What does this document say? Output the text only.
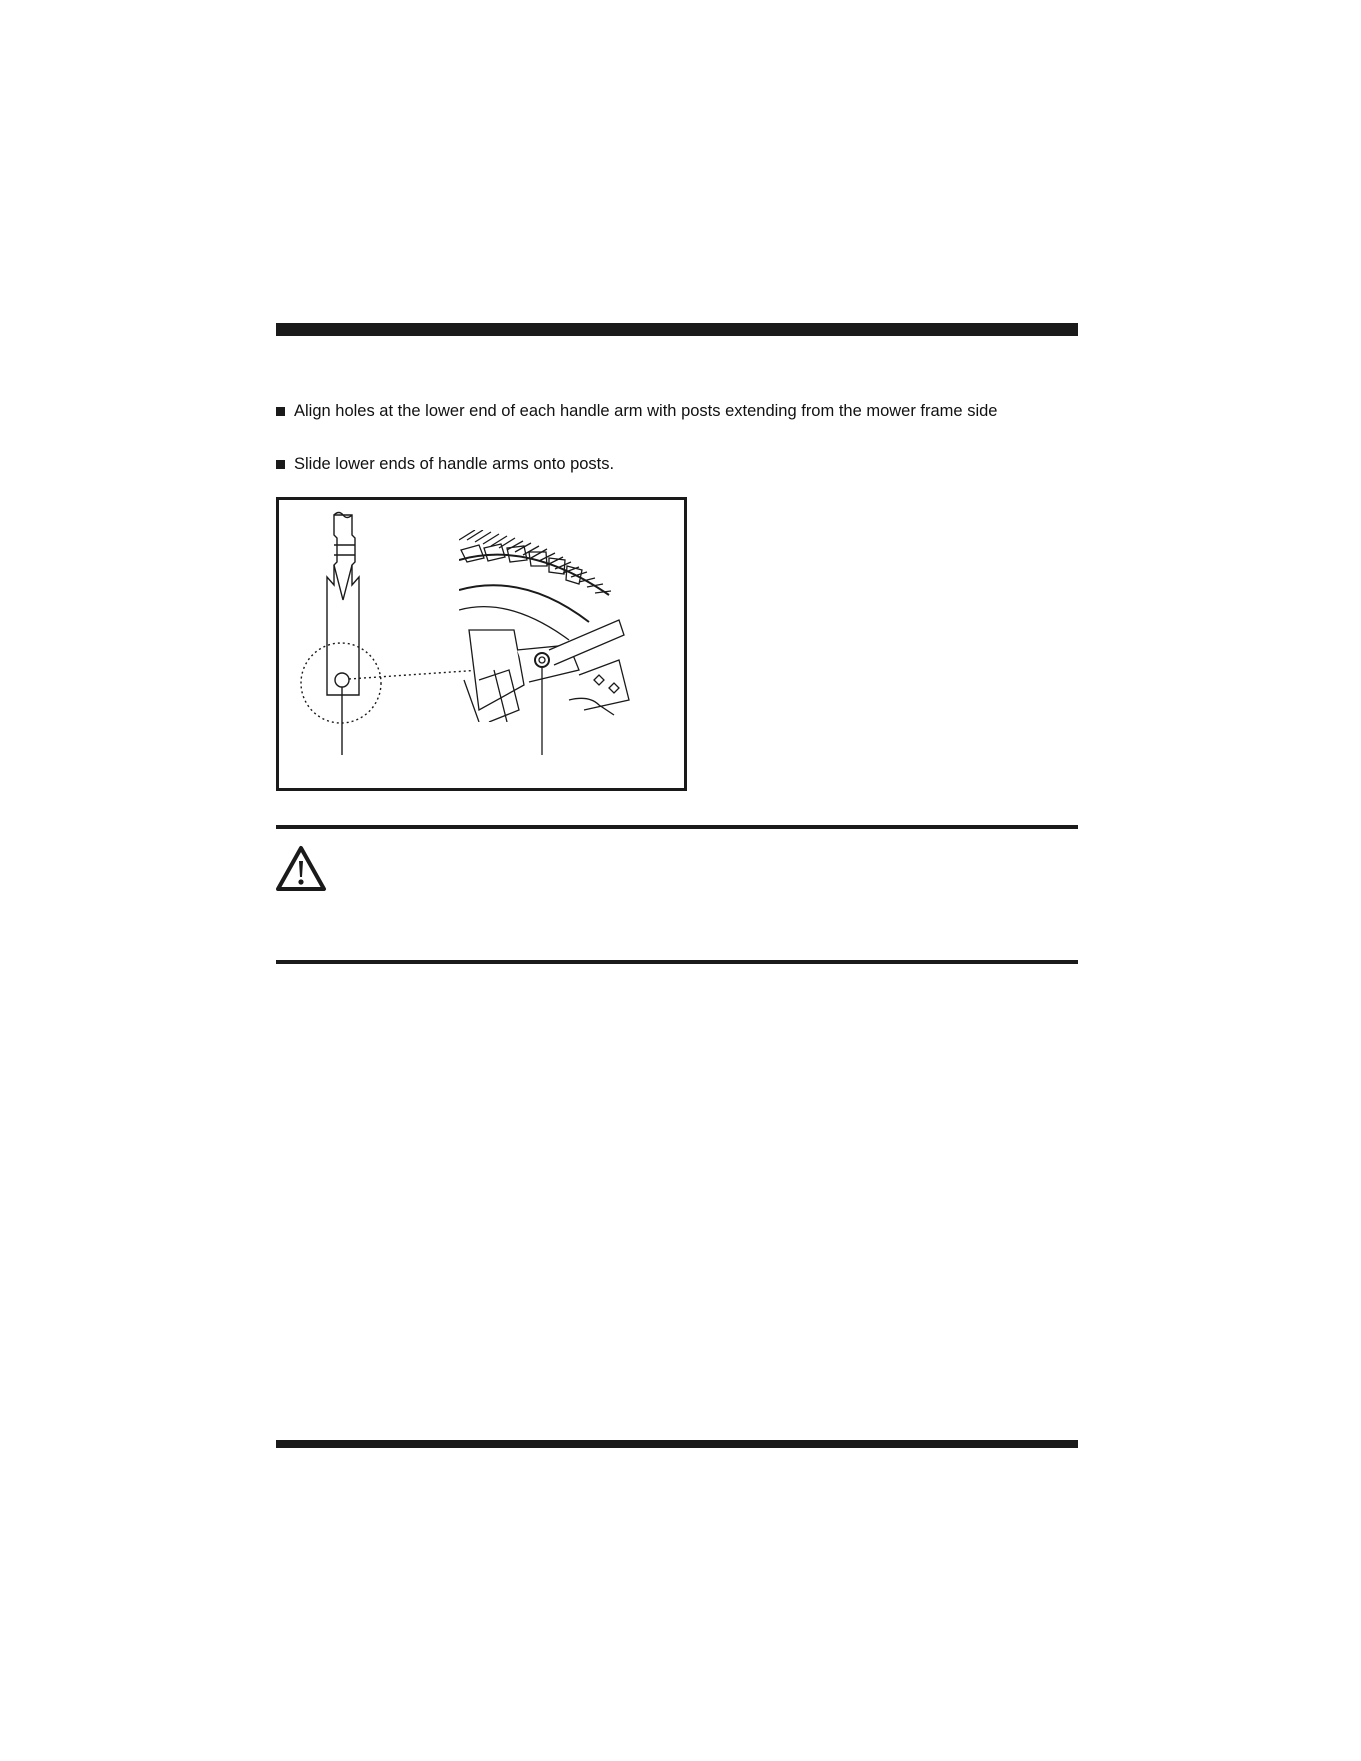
Align holes at the lower end of each handle arm with posts extending from the mower frame side
Slide lower ends of handle arms onto posts.
